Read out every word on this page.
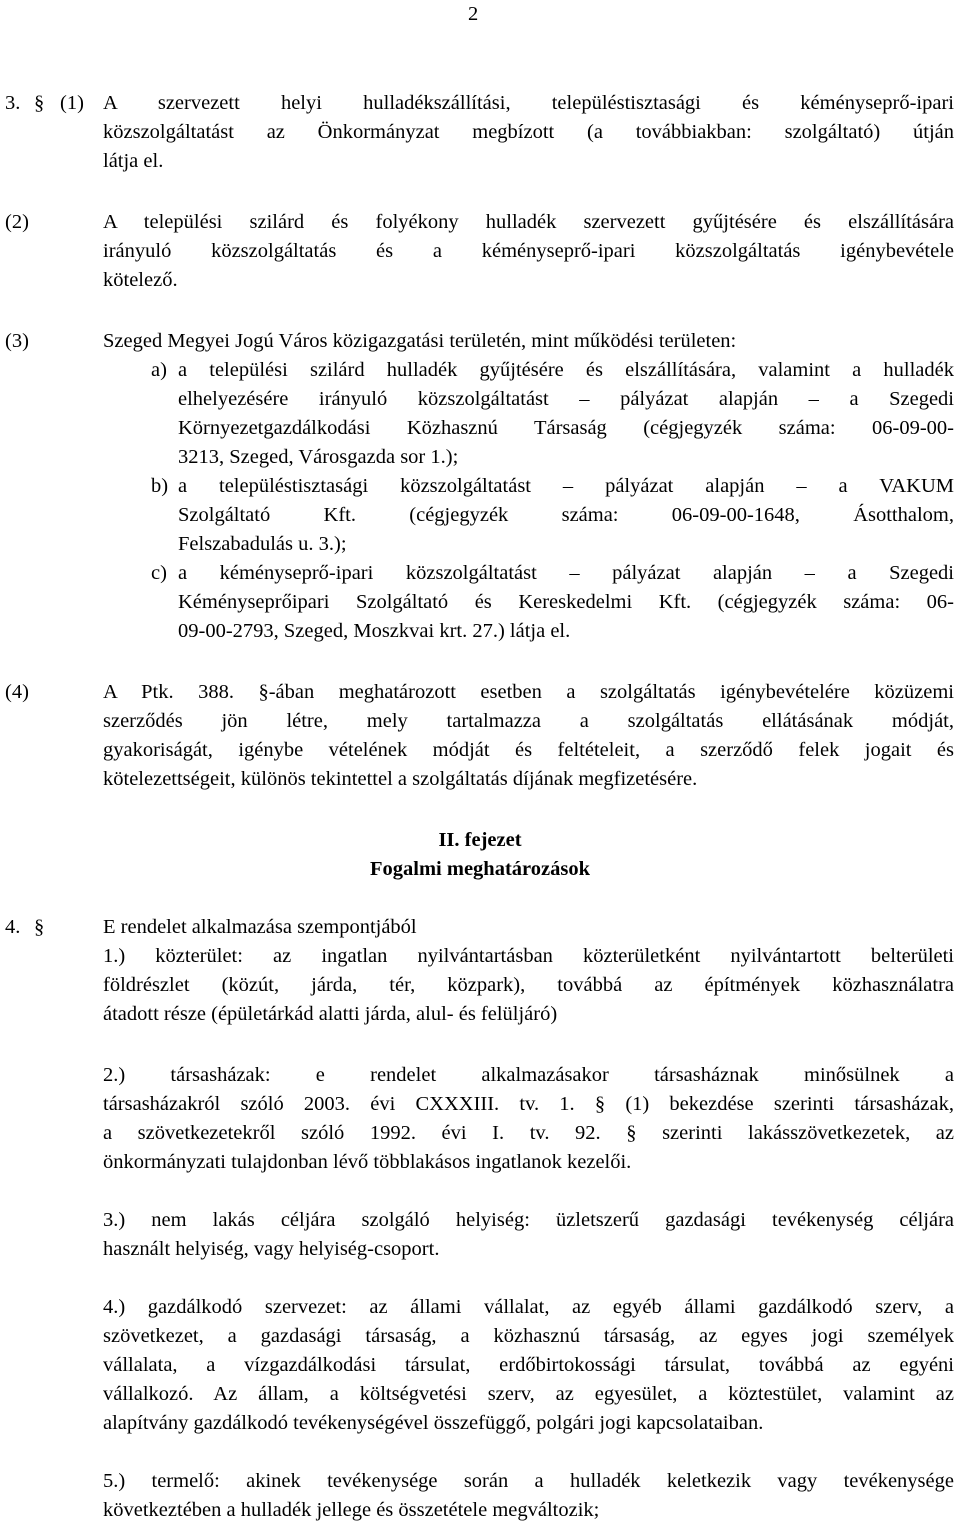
2
3. § (1) A szervezett helyi hulladékszállítási, településtisztasági és kéményseprő-ipari
közszolgáltatást az Önkormányzat megbízott (a továbbiakban: szolgáltató) útján
látja el.
(2)	A települési szilárd és folyékony hulladék szervezett gyűjtésére és elszállítására
irányuló közszolgáltatás és a kéményseprő-ipari közszolgáltatás igénybevétele
kötelező.
(3)	Szeged Megyei Jogú Város közigazgatási területén, mint működési területen:
a) a települési szilárd hulladék gyűjtésére és elszállítására, valamint a hulladék
elhelyezésére irányuló közszolgáltatást – pályázat alapján – a Szegedi
Környezetgazdálkodási Közhasznú Társaság (cégjegyzék száma: 06-09-00-
3213, Szeged, Városgazda sor 1.);
b) a településtisztasági közszolgáltatást – pályázat alapján – a VAKUM
Szolgáltató Kft. (cégjegyzék száma: 06-09-00-1648, Ásotthalom,
Felszabadulás u. 3.);
c) a kéményseprő-ipari közszolgáltatást – pályázat alapján – a Szegedi
Kéményseprőipari Szolgáltató és Kereskedelmi Kft. (cégjegyzék száma: 06-
09-00-2793, Szeged, Moszkvai krt. 27.) látja el.
(4)	A Ptk. 388. §-ában meghatározott esetben a szolgáltatás igénybevételére közüzemi
szerződés jön létre, mely tartalmazza a szolgáltatás ellátásának módját,
gyakoriságát, igénybe vételének módját és feltételeit, a szerződő felek jogait és
kötelezettségeit, különös tekintettel a szolgáltatás díjának megfizetésére.
II. fejezet
Fogalmi meghatározások
4. §	E rendelet alkalmazása szempontjából
1.) közterület: az ingatlan nyilvántartásban közterületként nyilvántartott belterületi
földrészlet (közút, járda, tér, közpark), továbbá az építmények közhasználatra
átadott része (épületárkád alatti járda, alul- és felüljáró)
2.) társasházak: e rendelet alkalmazásakor társasháznak minősülnek a
társasházakról szóló 2003. évi CXXXIII. tv. 1. § (1) bekezdése szerinti társasházak,
a szövetkezetekről szóló 1992. évi I. tv. 92. § szerinti lakásszövetkezetek, az
önkormányzati tulajdonban lévő többlakásos ingatlanok kezelői.
3.) nem lakás céljára szolgáló helyiség: üzletszerű gazdasági tevékenység céljára
használt helyiség, vagy helyiség-csoport.
4.) gazdálkodó szervezet: az állami vállalat, az egyéb állami gazdálkodó szerv, a
szövetkezet, a gazdasági társaság, a közhasznú társaság, az egyes jogi személyek
vállalata, a vízgazdálkodási társulat, erdőbirtokossági társulat, továbbá az egyéni
vállalkozó. Az állam, a költségvetési szerv, az egyesület, a köztestület, valamint az
alapítvány gazdálkodó tevékenységével összefüggő, polgári jogi kapcsolataiban.
5.) termelő: akinek tevékenysége során a hulladék keletkezik vagy tevékenysége
következtében a hulladék jellege és összetétele megváltozik;
